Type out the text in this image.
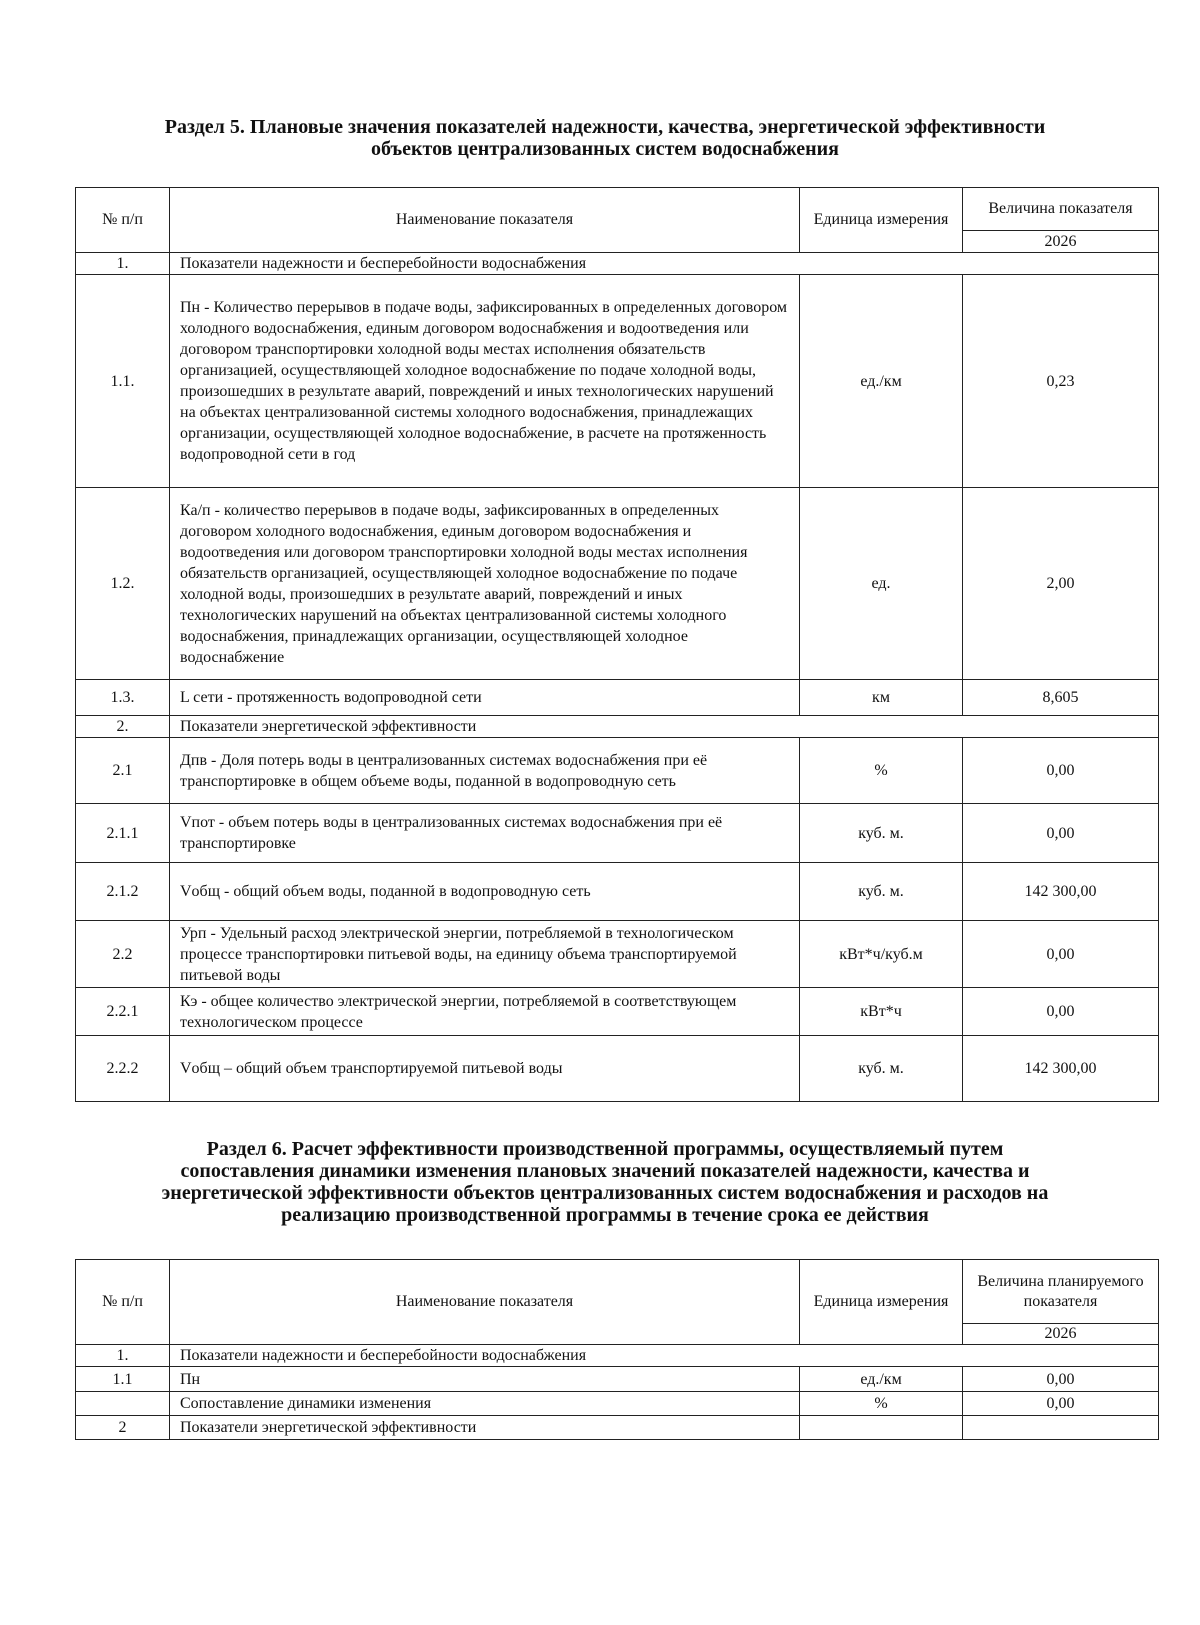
Раздел 5. Плановые значения показателей надежности, качества, энергетической эффективности
объектов централизованных систем водоснабжения
№ п/п	Наименование показателя	Единица измерения	Величина показателя
			2026
1.	Показатели надежности и бесперебойности водоснабжения		
1.1.	Пн - Количество перерывов в подаче воды, зафиксированных в определенных договором холодного водоснабжения, единым договором водоснабжения и водоотведения или договором транспортировки холодной воды местах исполнения обязательств организацией, осуществляющей холодное водоснабжение по подаче холодной воды, произошедших в результате аварий, повреждений и иных технологических нарушений на объектах централизованной системы холодного водоснабжения, принадлежащих организации, осуществляющей холодное водоснабжение, в расчете на протяженность водопроводной сети в год	ед./км	0,23
1.2.	Ка/п - количество перерывов в подаче воды, зафиксированных в определенных договором холодного водоснабжения, единым договором водоснабжения и водоотведения или договором транспортировки холодной воды местах исполнения обязательств организацией, осуществляющей холодное водоснабжение по подаче холодной воды, произошедших в результате аварий, повреждений и иных технологических нарушений на объектах централизованной системы холодного водоснабжения, принадлежащих организации, осуществляющей холодное водоснабжение	ед.	2,00
1.3.	L сети - протяженность водопроводной сети	км	8,605
2.	Показатели энергетической эффективности		
2.1	Дпв - Доля потерь воды в централизованных системах водоснабжения при её транспортировке в общем объеме воды, поданной в водопроводную сеть	%	0,00
2.1.1	Vпот - объем потерь воды в централизованных системах водоснабжения при её транспортировке	куб. м.	0,00
2.1.2	Vобщ - общий объем воды, поданной в водопроводную сеть	куб. м.	142 300,00
2.2	Урп - Удельный расход электрической энергии, потребляемой в технологическом процессе транспортировки питьевой воды, на единицу объема транспортируемой питьевой воды	кВт*ч/куб.м	0,00
2.2.1	Кэ - общее количество электрической энергии, потребляемой в соответствующем технологическом процессе	кВт*ч	0,00
2.2.2	Vобщ – общий объем транспортируемой питьевой воды	куб. м.	142 300,00
Раздел 6. Расчет эффективности производственной программы, осуществляемый путем
сопоставления динамики изменения плановых значений показателей надежности, качества и
энергетической эффективности объектов централизованных систем водоснабжения и расходов на
реализацию производственной программы в течение срока ее действия
№ п/п	Наименование показателя	Единица измерения	Величина планируемого показателя
			2026
1.	Показатели надежности и бесперебойности водоснабжения		
1.1	Пн	ед./км	0,00
	Сопоставление динамики изменения	%	0,00
2	Показатели энергетической эффективности		
